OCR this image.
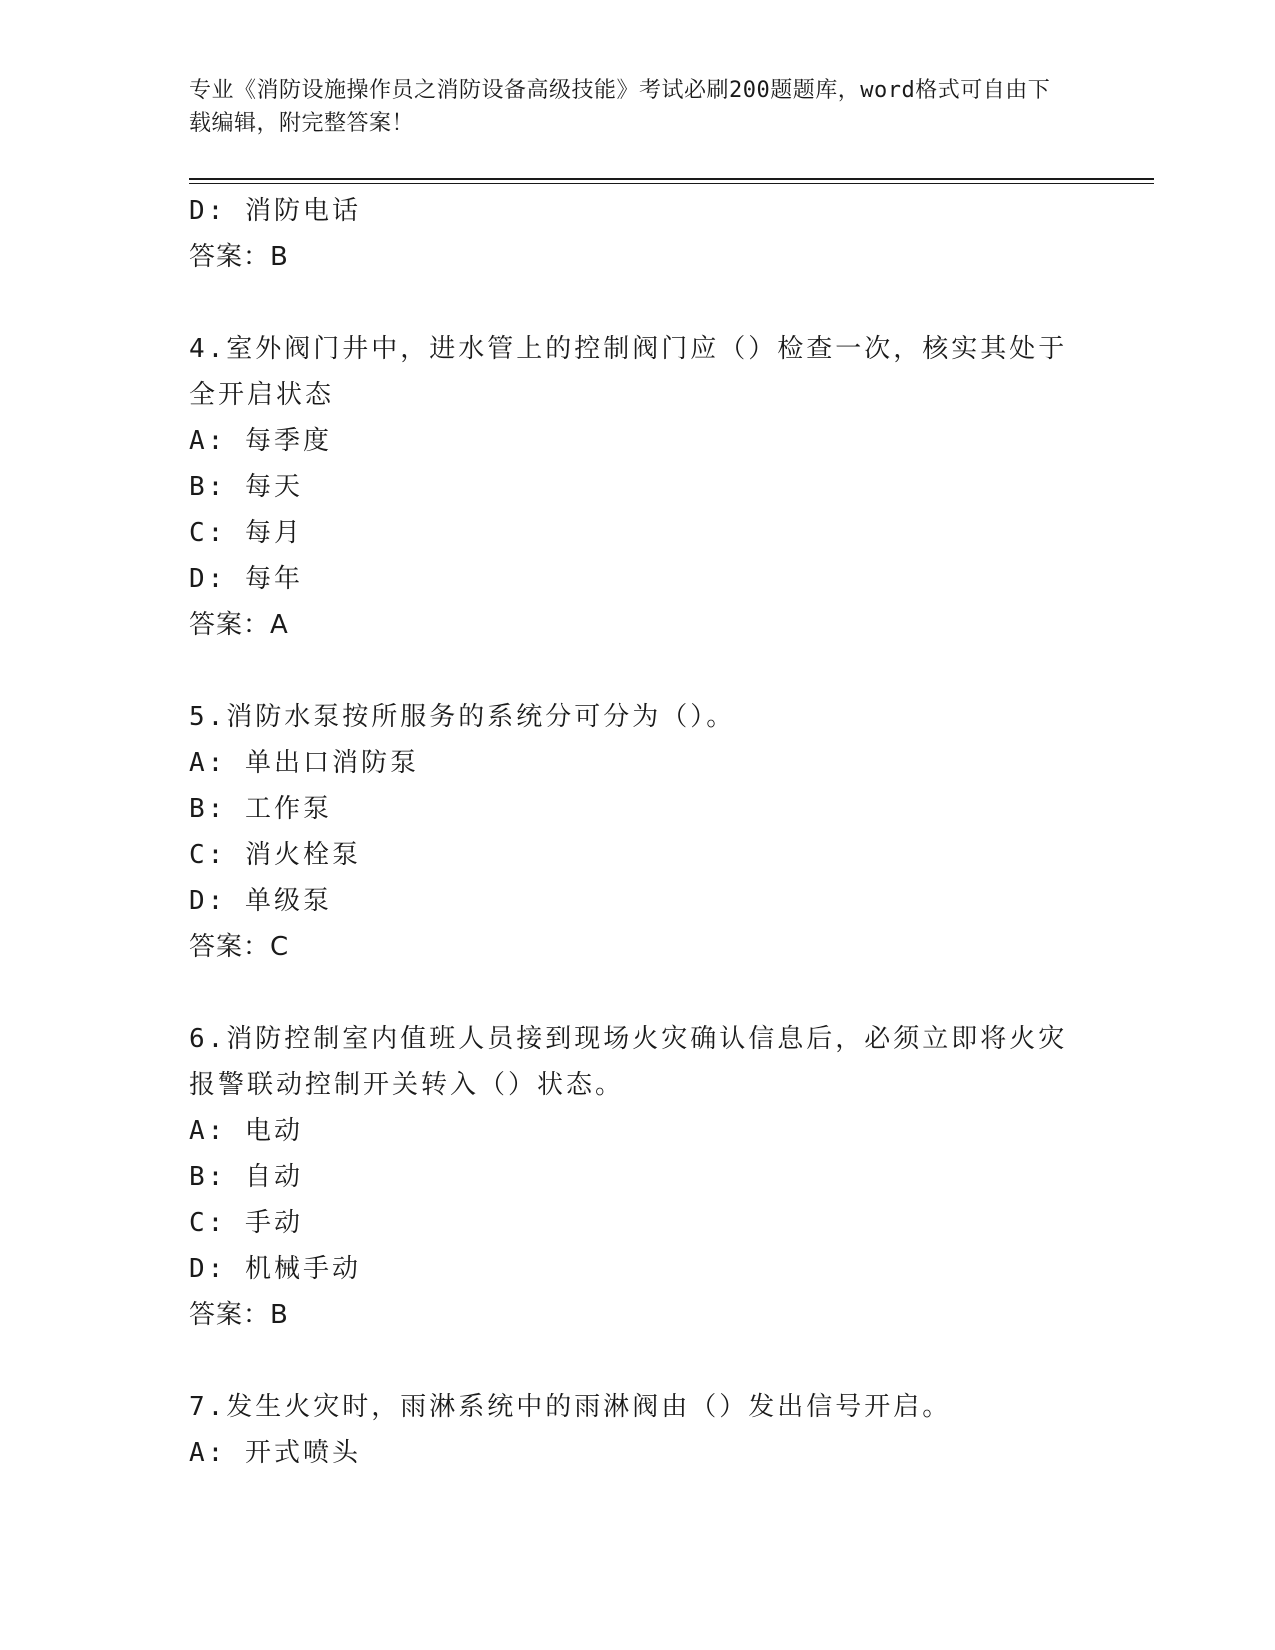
专业《消防设施操作员之消防设备高级技能》考试必刷200题题库，word格式可自由下载编辑，附完整答案！
D: 消防电话
答案：B
4.室外阀门井中，进水管上的控制阀门应（）检查一次，核实其处于
全开启状态
A: 每季度
B: 每天
C: 每月
D: 每年
答案：A
5.消防水泵按所服务的系统分可分为（）。
A: 单出口消防泵
B: 工作泵
C: 消火栓泵
D: 单级泵
答案：C
6.消防控制室内值班人员接到现场火灾确认信息后，必须立即将火灾
报警联动控制开关转入（）状态。
A: 电动
B: 自动
C: 手动
D: 机械手动
答案：B
7.发生火灾时，雨淋系统中的雨淋阀由（）发出信号开启。
A: 开式喷头
